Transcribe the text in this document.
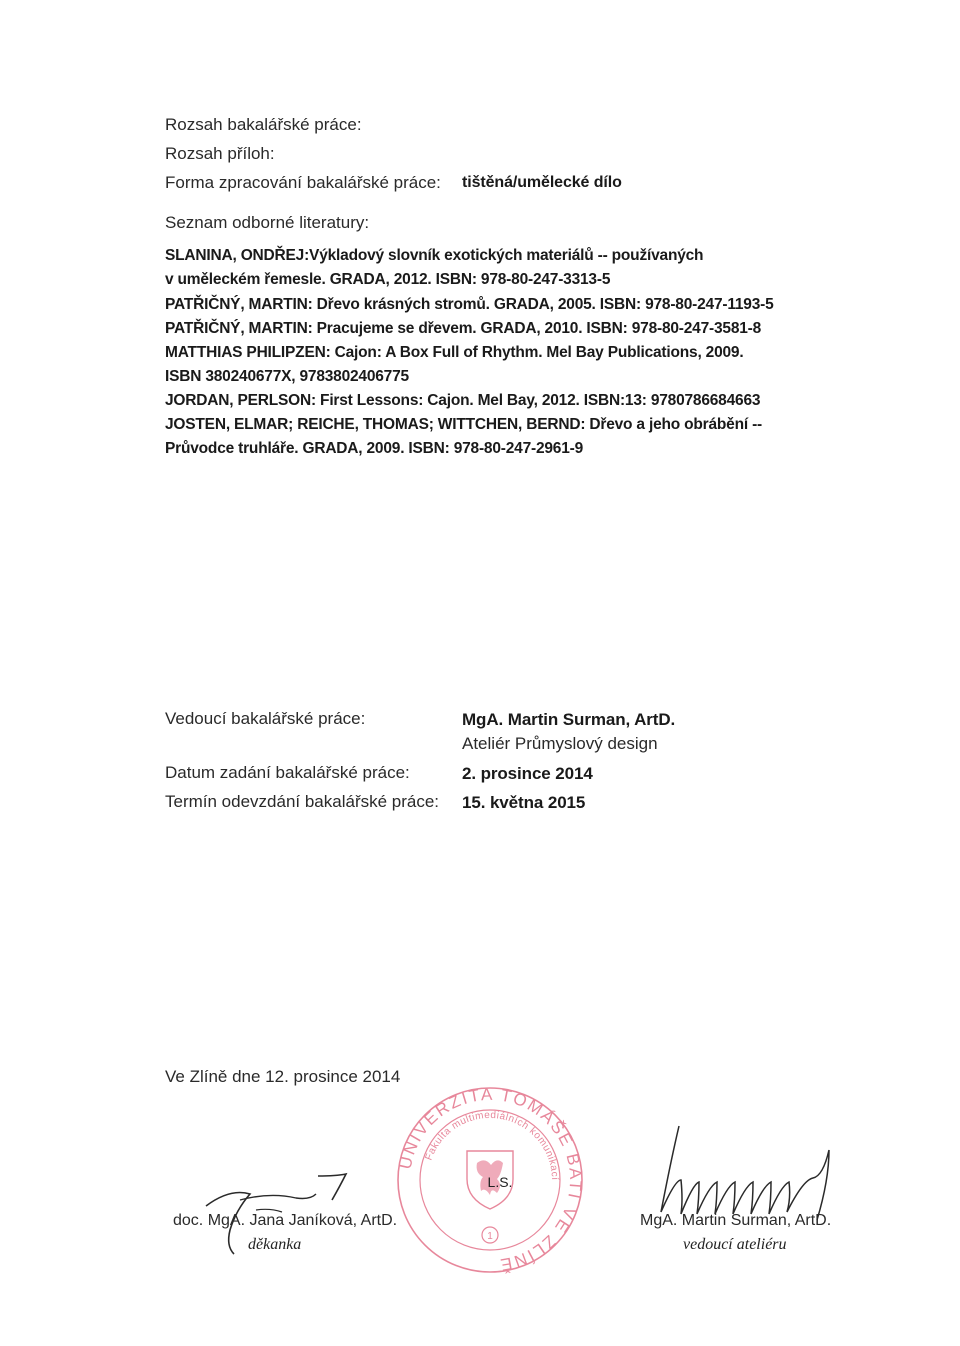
Rozsah bakalářské práce:
Rozsah příloh:
Forma zpracování bakalářské práce: tištěná/umělecké dílo
Seznam odborné literatury:
SLANINA, ONDŘEJ:Výkladový slovník exotických materiálů -- používaných
v uměleckém řemesle. GRADA, 2012. ISBN: 978-80-247-3313-5
PATŘIČNÝ, MARTIN: Dřevo krásných stromů. GRADA, 2005. ISBN: 978-80-247-1193-5
PATŘIČNÝ, MARTIN: Pracujeme se dřevem. GRADA, 2010. ISBN: 978-80-247-3581-8
MATTHIAS PHILIPZEN: Cajon: A Box Full of Rhythm. Mel Bay Publications, 2009.
ISBN 380240677X, 9783802406775
JORDAN, PERLSON: First Lessons: Cajon. Mel Bay, 2012. ISBN:13: 9780786684663
JOSTEN, ELMAR; REICHE, THOMAS; WITTCHEN, BERND: Dřevo a jeho obrábění --
Průvodce truhláře. GRADA, 2009. ISBN: 978-80-247-2961-9
Vedoucí bakalářské práce:	MgA. Martin Surman, ArtD.
Ateliér Průmyslový design
Datum zadání bakalářské práce:	2. prosince 2014
Termín odevzdání bakalářské práce: 15. května 2015
Ve Zlíně dne 12. prosince 2014
UNIVERZITA TOMÁŠE BATI VE ZLÍNĚ
Fakulta multimediálních komunikací
1
L.S.
doc. MgA. Jana Janíková, ArtD.
děkanka
MgA. Martin Surman, ArtD.
vedoucí ateliéru
